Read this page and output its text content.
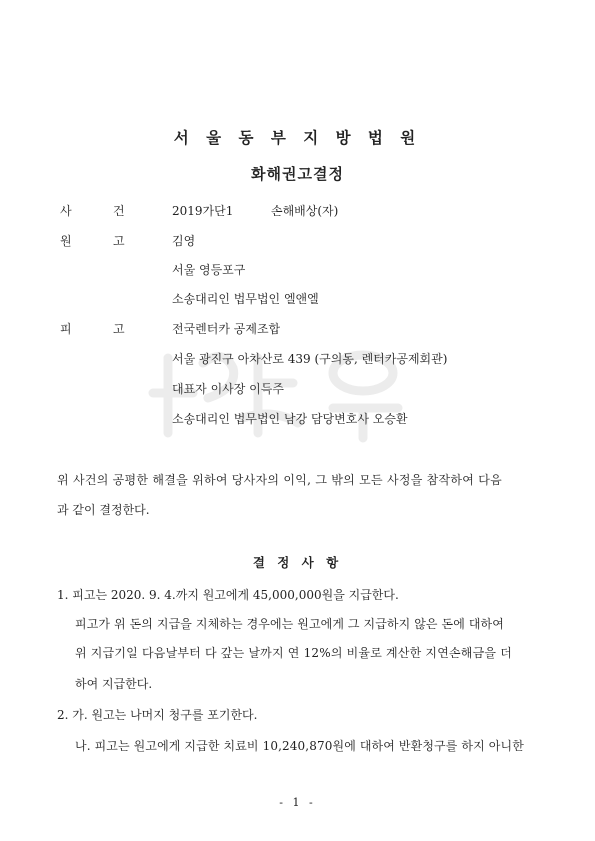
서 울 동 부 지 방 법 원
화해권고결정
사	건	2019가단1	손해배상(자)
원	고	김영
서울 영등포구
소송대리인 법무법인 엘앤엘
피	고	전국렌터카 공제조합
서울 광진구 아차산로 439 (구의동, 렌터카공제회관)
대표자 이사장 이득주
소송대리인 법무법인 남강 담당변호사 오승환
위 사건의 공평한 해결을 위하여 당사자의 이익, 그 밖의 모든 사정을 참작하여 다음
과 같이 결정한다.
결 정 사 항
1. 피고는 2020. 9. 4.까지 원고에게 45,000,000원을 지급한다.
피고가 위 돈의 지급을 지체하는 경우에는 원고에게 그 지급하지 않은 돈에 대하여
위 지급기일 다음날부터 다 갚는 날까지 연 12%의 비율로 계산한 지연손해금을 더
하여 지급한다.
2. 가. 원고는 나머지 청구를 포기한다.
나. 피고는 원고에게 지급한 치료비 10,240,870원에 대하여 반환청구를 하지 아니한
- 1 -
